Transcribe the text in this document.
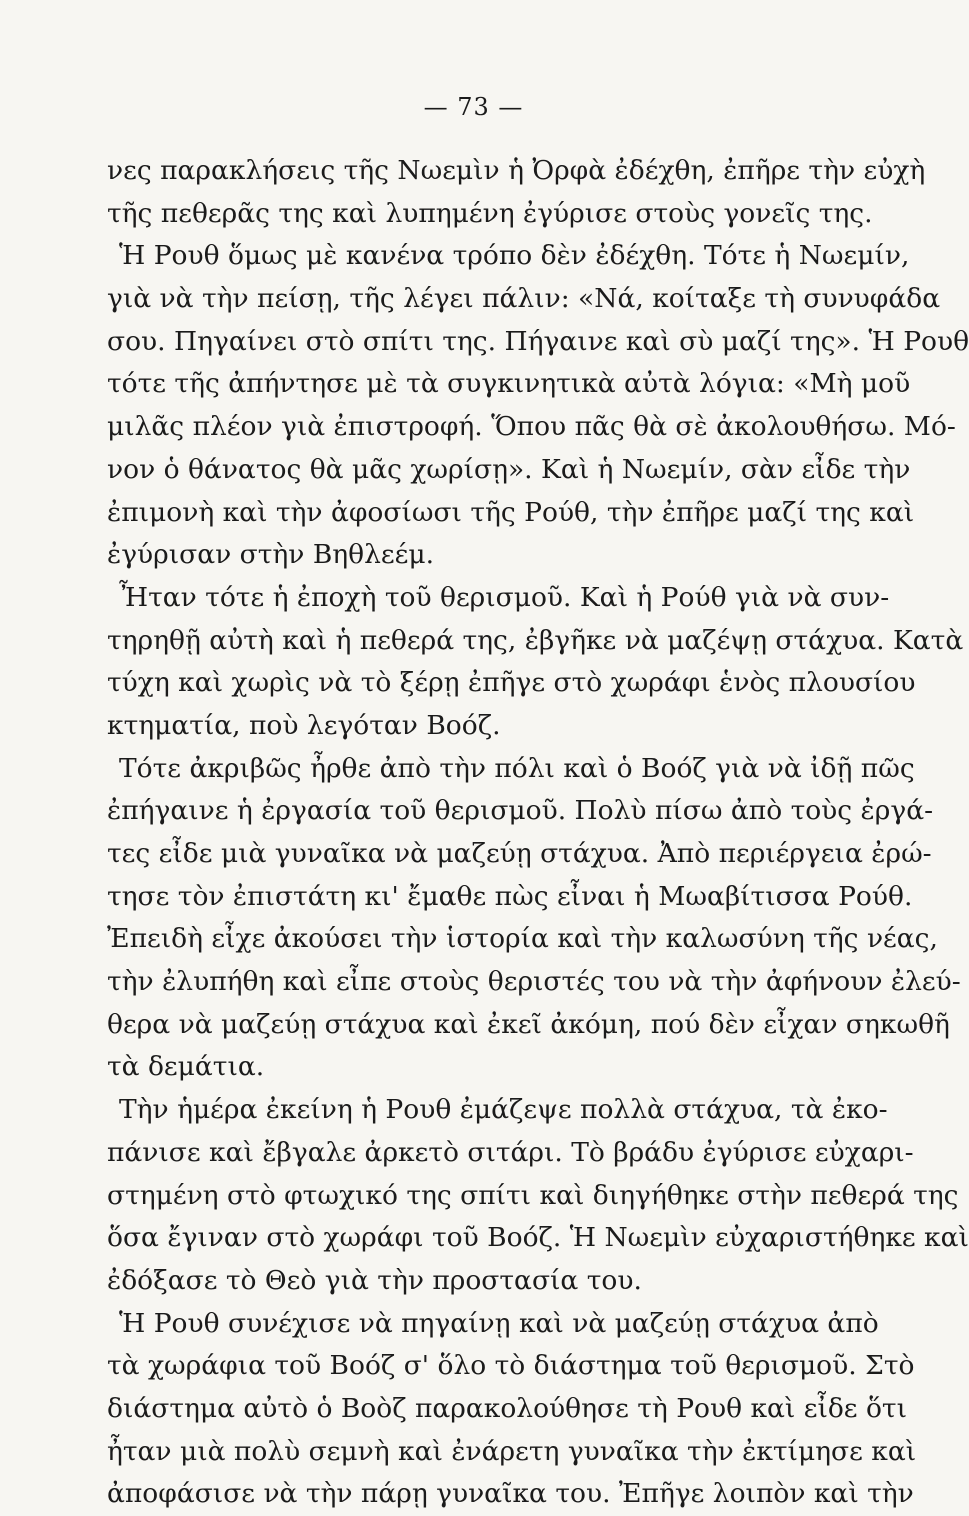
— 73 —
νες παρακλήσεις τῆς Νωεμὶν ἡ Ὀρφὰ ἐδέχθη, ἐπῆρε τὴν εὐχὴ
τῆς πεθερᾶς της καὶ λυπημένη ἐγύρισε στοὺς γονεῖς της.
Ἡ Ρουθ ὅμως μὲ κανένα τρόπο δὲν ἐδέχθη. Τότε ἡ Νωεμίν,
γιὰ νὰ τὴν πείσῃ, τῆς λέγει πάλιν: «Νά, κοίταξε τὴ συνυφάδα
σου. Πηγαίνει στὸ σπίτι της. Πήγαινε καὶ σὺ μαζί της». Ἡ Ρουθ
τότε τῆς ἀπήντησε μὲ τὰ συγκινητικὰ αὐτὰ λόγια: «Μὴ μοῦ
μιλᾶς πλέον γιὰ ἐπιστροφή. Ὅπου πᾶς θὰ σὲ ἀκολουθήσω. Μό-
νον ὁ θάνατος θὰ μᾶς χωρίσῃ». Καὶ ἡ Νωεμίν, σὰν εἶδε τὴν
ἐπιμονὴ καὶ τὴν ἀφοσίωσι τῆς Ρούθ, τὴν ἐπῆρε μαζί της καὶ
ἐγύρισαν στὴν Βηθλεέμ.
Ἦταν τότε ἡ ἐποχὴ τοῦ θερισμοῦ. Καὶ ἡ Ρούθ γιὰ νὰ συν-
τηρηθῇ αὐτὴ καὶ ἡ πεθερά της, ἐβγῆκε νὰ μαζέψῃ στάχυα. Κατὰ
τύχη καὶ χωρὶς νὰ τὸ ξέρῃ ἐπῆγε στὸ χωράφι ἑνὸς πλουσίου
κτηματία, ποὺ λεγόταν Βοόζ.
Τότε ἀκριβῶς ἦρθε ἀπὸ τὴν πόλι καὶ ὁ Βοόζ γιὰ νὰ ἰδῇ πῶς
ἐπήγαινε ἡ ἐργασία τοῦ θερισμοῦ. Πολὺ πίσω ἀπὸ τοὺς ἐργά-
τες εἶδε μιὰ γυναῖκα νὰ μαζεύῃ στάχυα. Ἀπὸ περιέργεια ἐρώ-
τησε τὸν ἐπιστάτη κι' ἔμαθε πὼς εἶναι ἡ Μωαβίτισσα Ρούθ.
Ἐπειδὴ εἶχε ἀκούσει τὴν ἱστορία καὶ τὴν καλωσύνη τῆς νέας,
τὴν ἐλυπήθη καὶ εἶπε στοὺς θεριστές του νὰ τὴν ἀφήνουν ἐλεύ-
θερα νὰ μαζεύῃ στάχυα καὶ ἐκεῖ ἀκόμη, πού δὲν εἶχαν σηκωθῆ
τὰ δεμάτια.
Τὴν ἡμέρα ἐκείνη ἡ Ρουθ ἐμάζεψε πολλὰ στάχυα, τὰ ἐκο-
πάνισε καὶ ἔβγαλε ἀρκετὸ σιτάρι. Τὸ βράδυ ἐγύρισε εὐχαρι-
στημένη στὸ φτωχικό της σπίτι καὶ διηγήθηκε στὴν πεθερά της
ὅσα ἔγιναν στὸ χωράφι τοῦ Βοόζ. Ἡ Νωεμὶν εὐχαριστήθηκε καὶ
ἐδόξασε τὸ Θεὸ γιὰ τὴν προστασία του.
Ἡ Ρουθ συνέχισε νὰ πηγαίνῃ καὶ νὰ μαζεύῃ στάχυα ἀπὸ
τὰ χωράφια τοῦ Βοόζ σ' ὅλο τὸ διάστημα τοῦ θερισμοῦ. Στὸ
διάστημα αὐτὸ ὁ Βοὸζ παρακολούθησε τὴ Ρουθ καὶ εἶδε ὅτι
ἦταν μιὰ πολὺ σεμνὴ καὶ ἐνάρετη γυναῖκα τὴν ἐκτίμησε καὶ
ἀποφάσισε νὰ τὴν πάρῃ γυναῖκα του. Ἐπῆγε λοιπὸν καὶ τὴν
